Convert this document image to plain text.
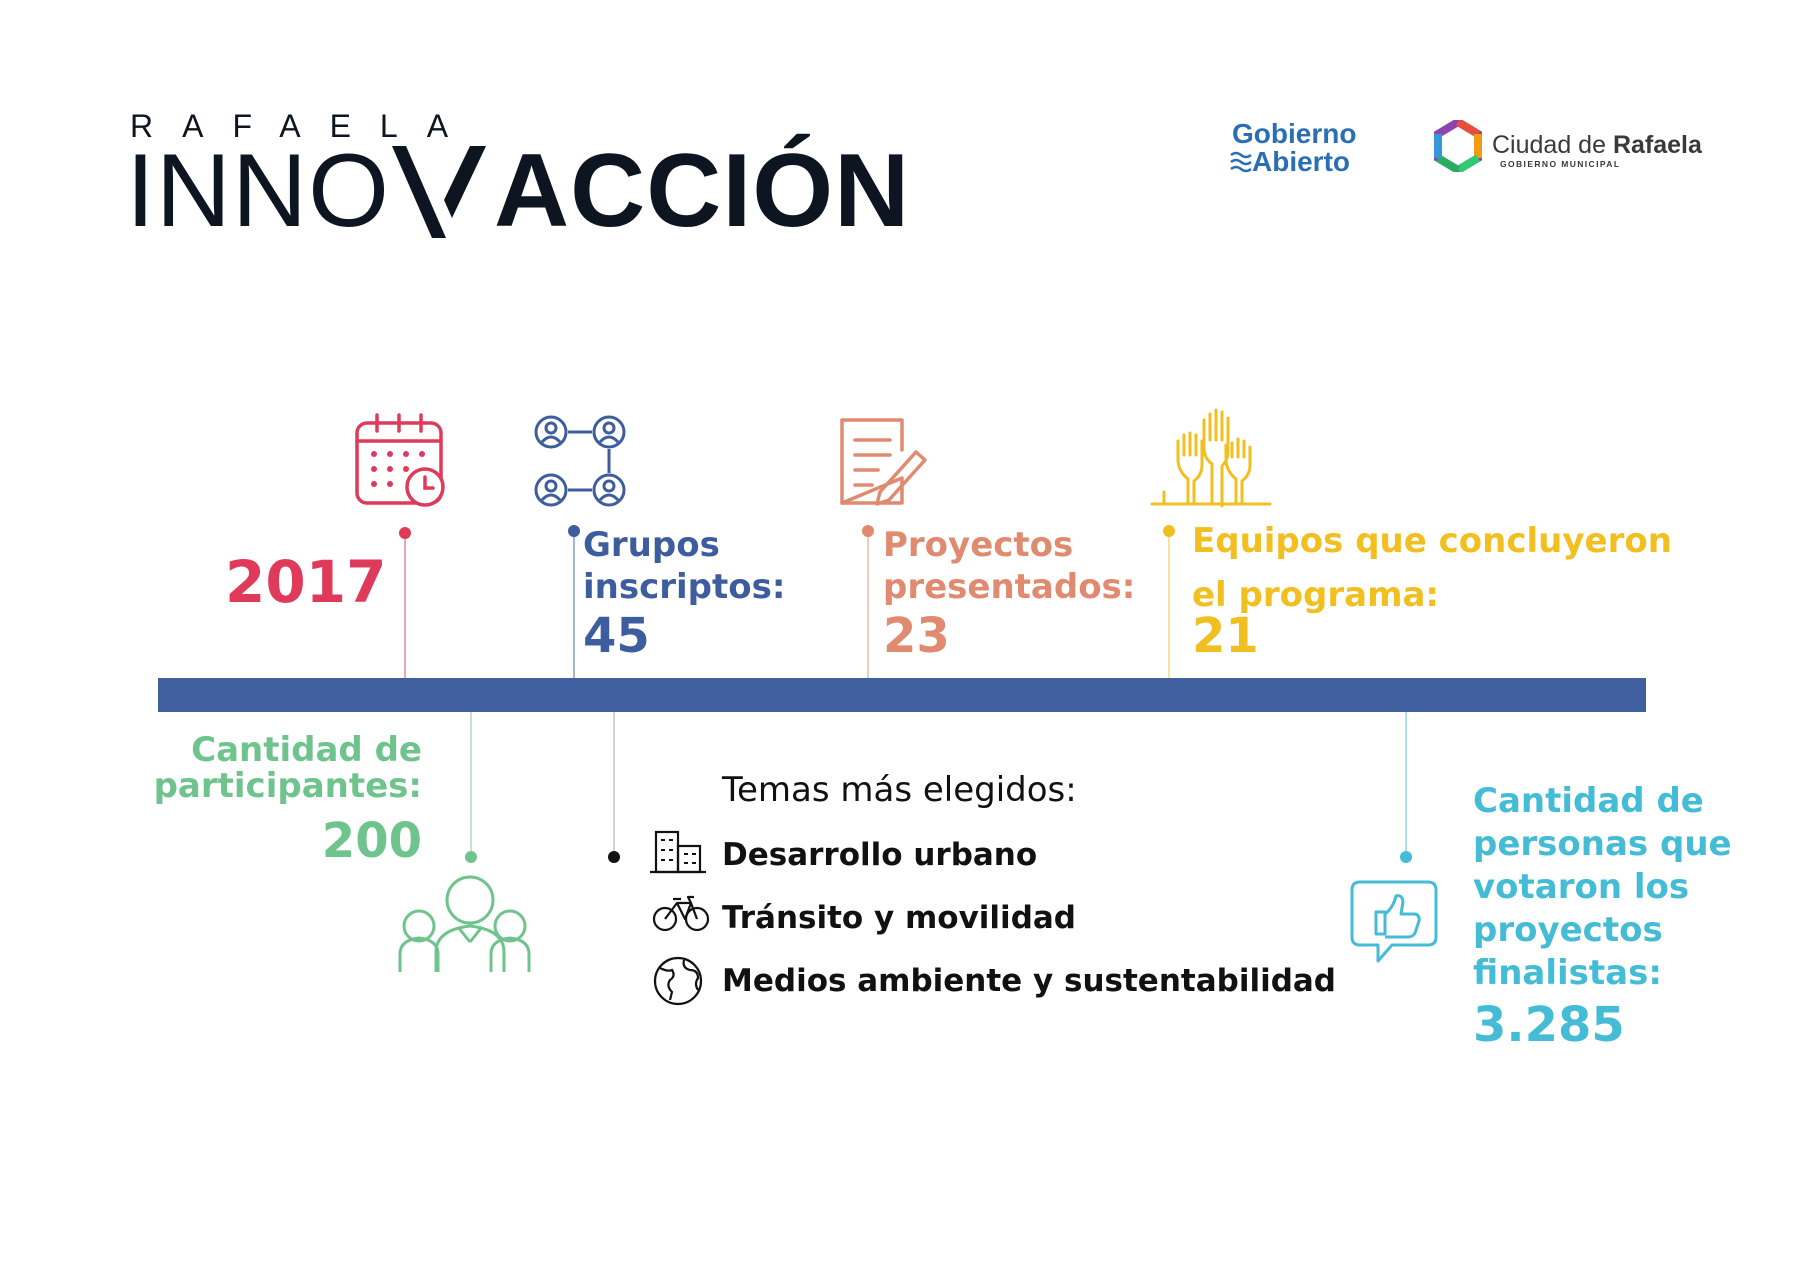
RAFAELA
INNO ACCIÓN	Gobierno
Abierto
Ciudad de Rafaela
GOBIERNO MUNICIPAL
2017
Grupos
inscriptos:
45
Proyectos
presentados:
23
Equipos que concluyeron
el programa:
21
Cantidad de
participantes:
200
Temas más elegidos:
Desarrollo urbano
Tránsito y movilidad
Medios ambiente y sustentabilidad
Cantidad de
personas que
votaron los
proyectos
finalistas:
3.285
